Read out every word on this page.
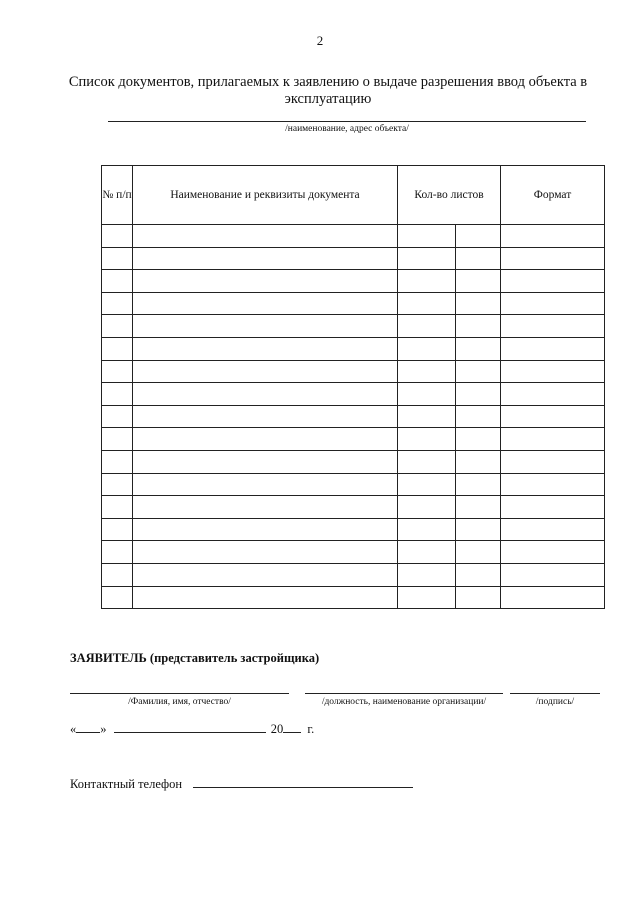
2
Список документов, прилагаемых к заявлению о выдаче разрешения ввод объекта в эксплуатацию
/наименование, адрес объекта/
№ п/п	Наименование и реквизиты документа	Кол-во листов		Формат

ЗАЯВИТЕЛЬ (представитель застройщика)
/Фамилия, имя, отчество/	/должность, наименование организации/	/подпись/
« »	20 г.
Контактный телефон
